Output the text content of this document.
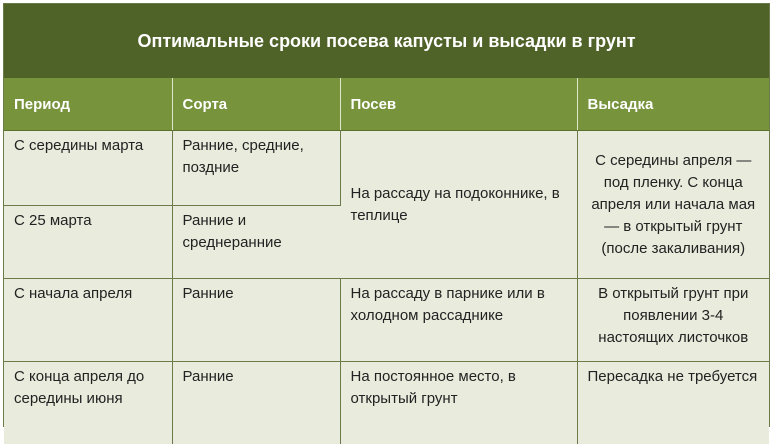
Оптимальные сроки посева капусты и высадки в грунт
Период	Сорта	Посев	Высадка
С середины марта	Ранние, средние, поздние	На рассаду на подоконнике, в теплице	С середины апреля — под пленку. С конца апреля или начала мая — в открытый грунт (после закаливания)
С 25 марта	Ранние и среднеранние		
С начала апреля	Ранние	На рассаду в парнике или в холодном рассаднике	В открытый грунт при появлении 3-4 настоящих листочков
С конца апреля до середины июня	Ранние	На постоянное место, в открытый грунт	Пересадка не требуется
